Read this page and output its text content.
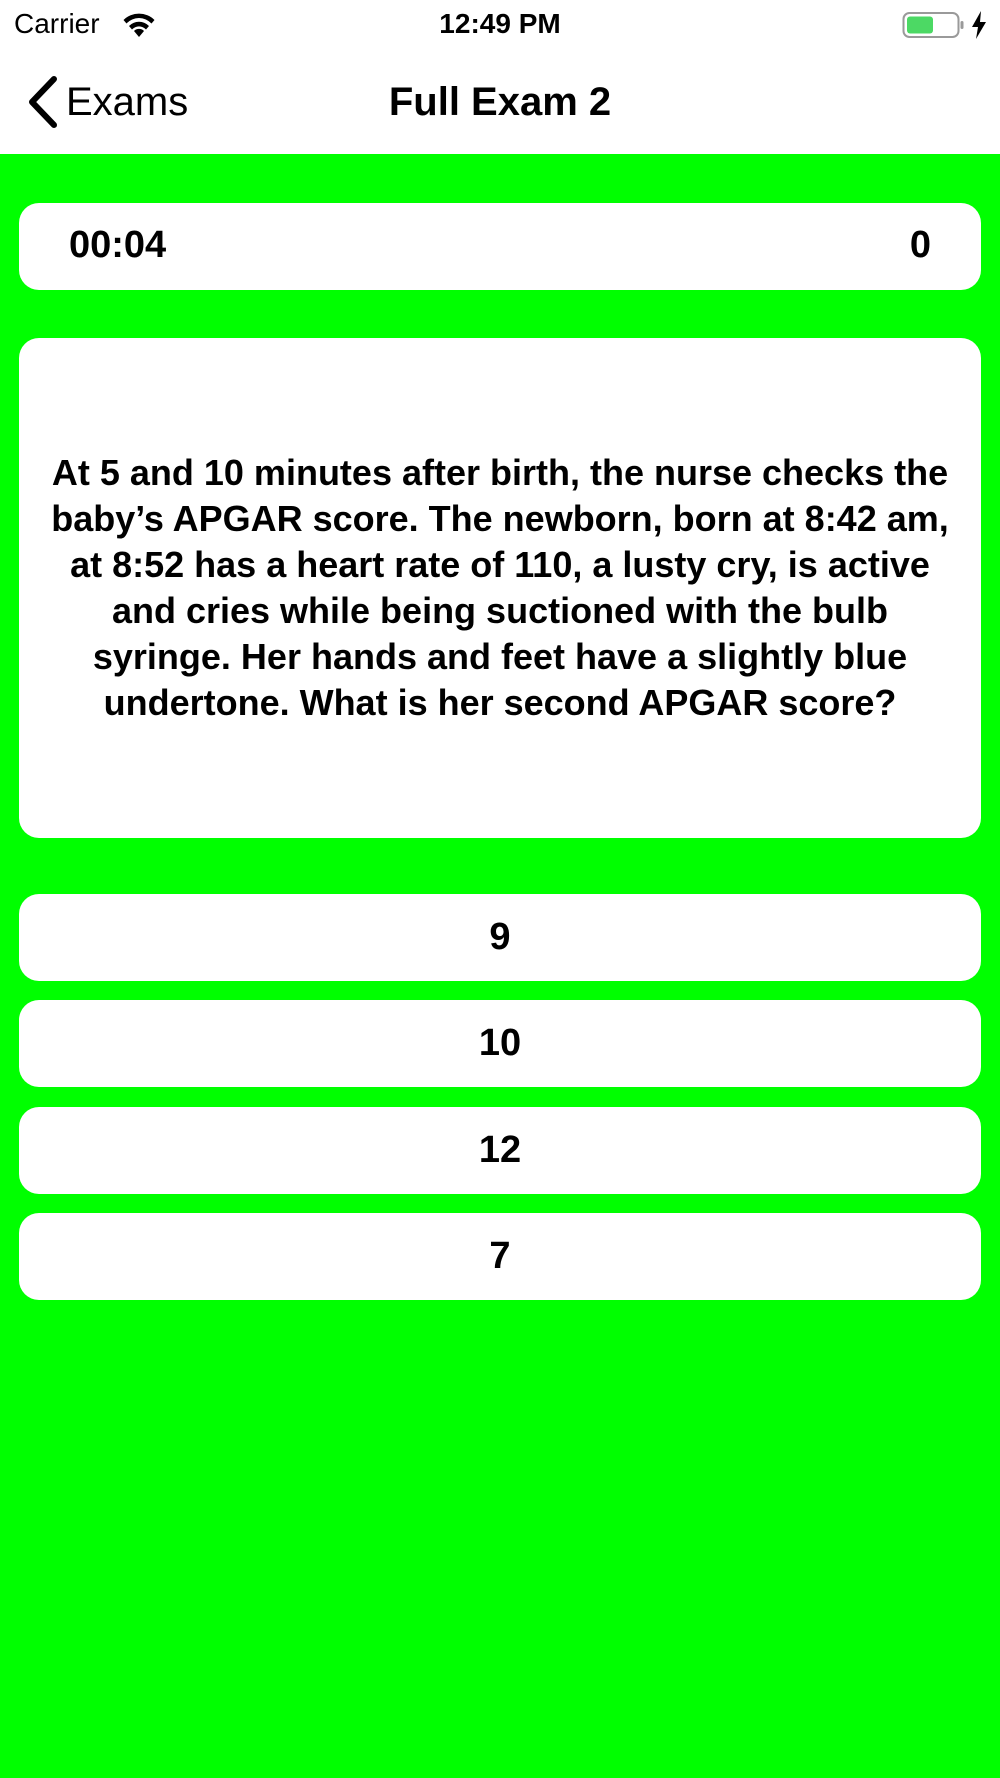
Carrier	12:49 PM
Exams	Full Exam 2
00:04	0
At 5 and 10 minutes after birth, the nurse checks the baby’s APGAR score. The newborn, born at 8:42 am, at 8:52 has a heart rate of 110, a lusty cry, is active and cries while being suctioned with the bulb syringe. Her hands and feet have a slightly blue undertone. What is her second APGAR score?
9
10
12
7
